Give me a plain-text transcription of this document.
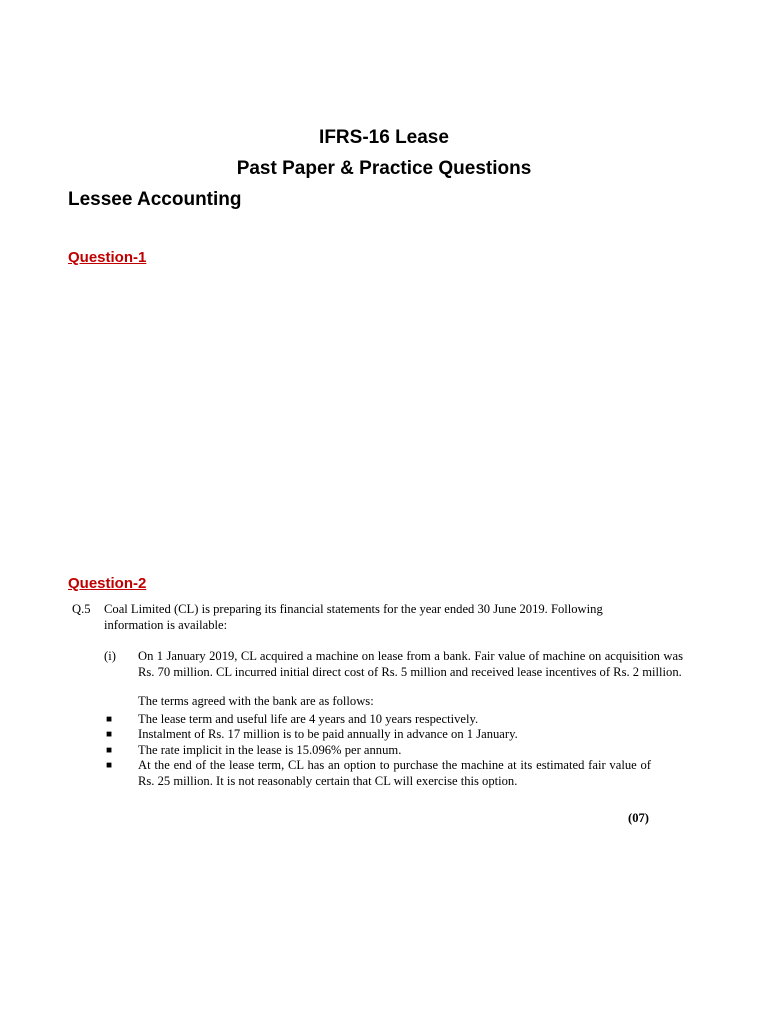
IFRS-16 Lease
Past Paper & Practice Questions
Lessee Accounting
Question-1
Question-2
Q.5 Coal Limited (CL) is preparing its financial statements for the year ended 30 June 2019. Following information is available:
(i) On 1 January 2019, CL acquired a machine on lease from a bank. Fair value of machine on acquisition was Rs. 70 million. CL incurred initial direct cost of Rs. 5 million and received lease incentives of Rs. 2 million.
The terms agreed with the bank are as follows:
■ The lease term and useful life are 4 years and 10 years respectively.
■ Instalment of Rs. 17 million is to be paid annually in advance on 1 January.
■ The rate implicit in the lease is 15.096% per annum.
■ At the end of the lease term, CL has an option to purchase the machine at its estimated fair value of Rs. 25 million. It is not reasonably certain that CL will exercise this option.
(07)
